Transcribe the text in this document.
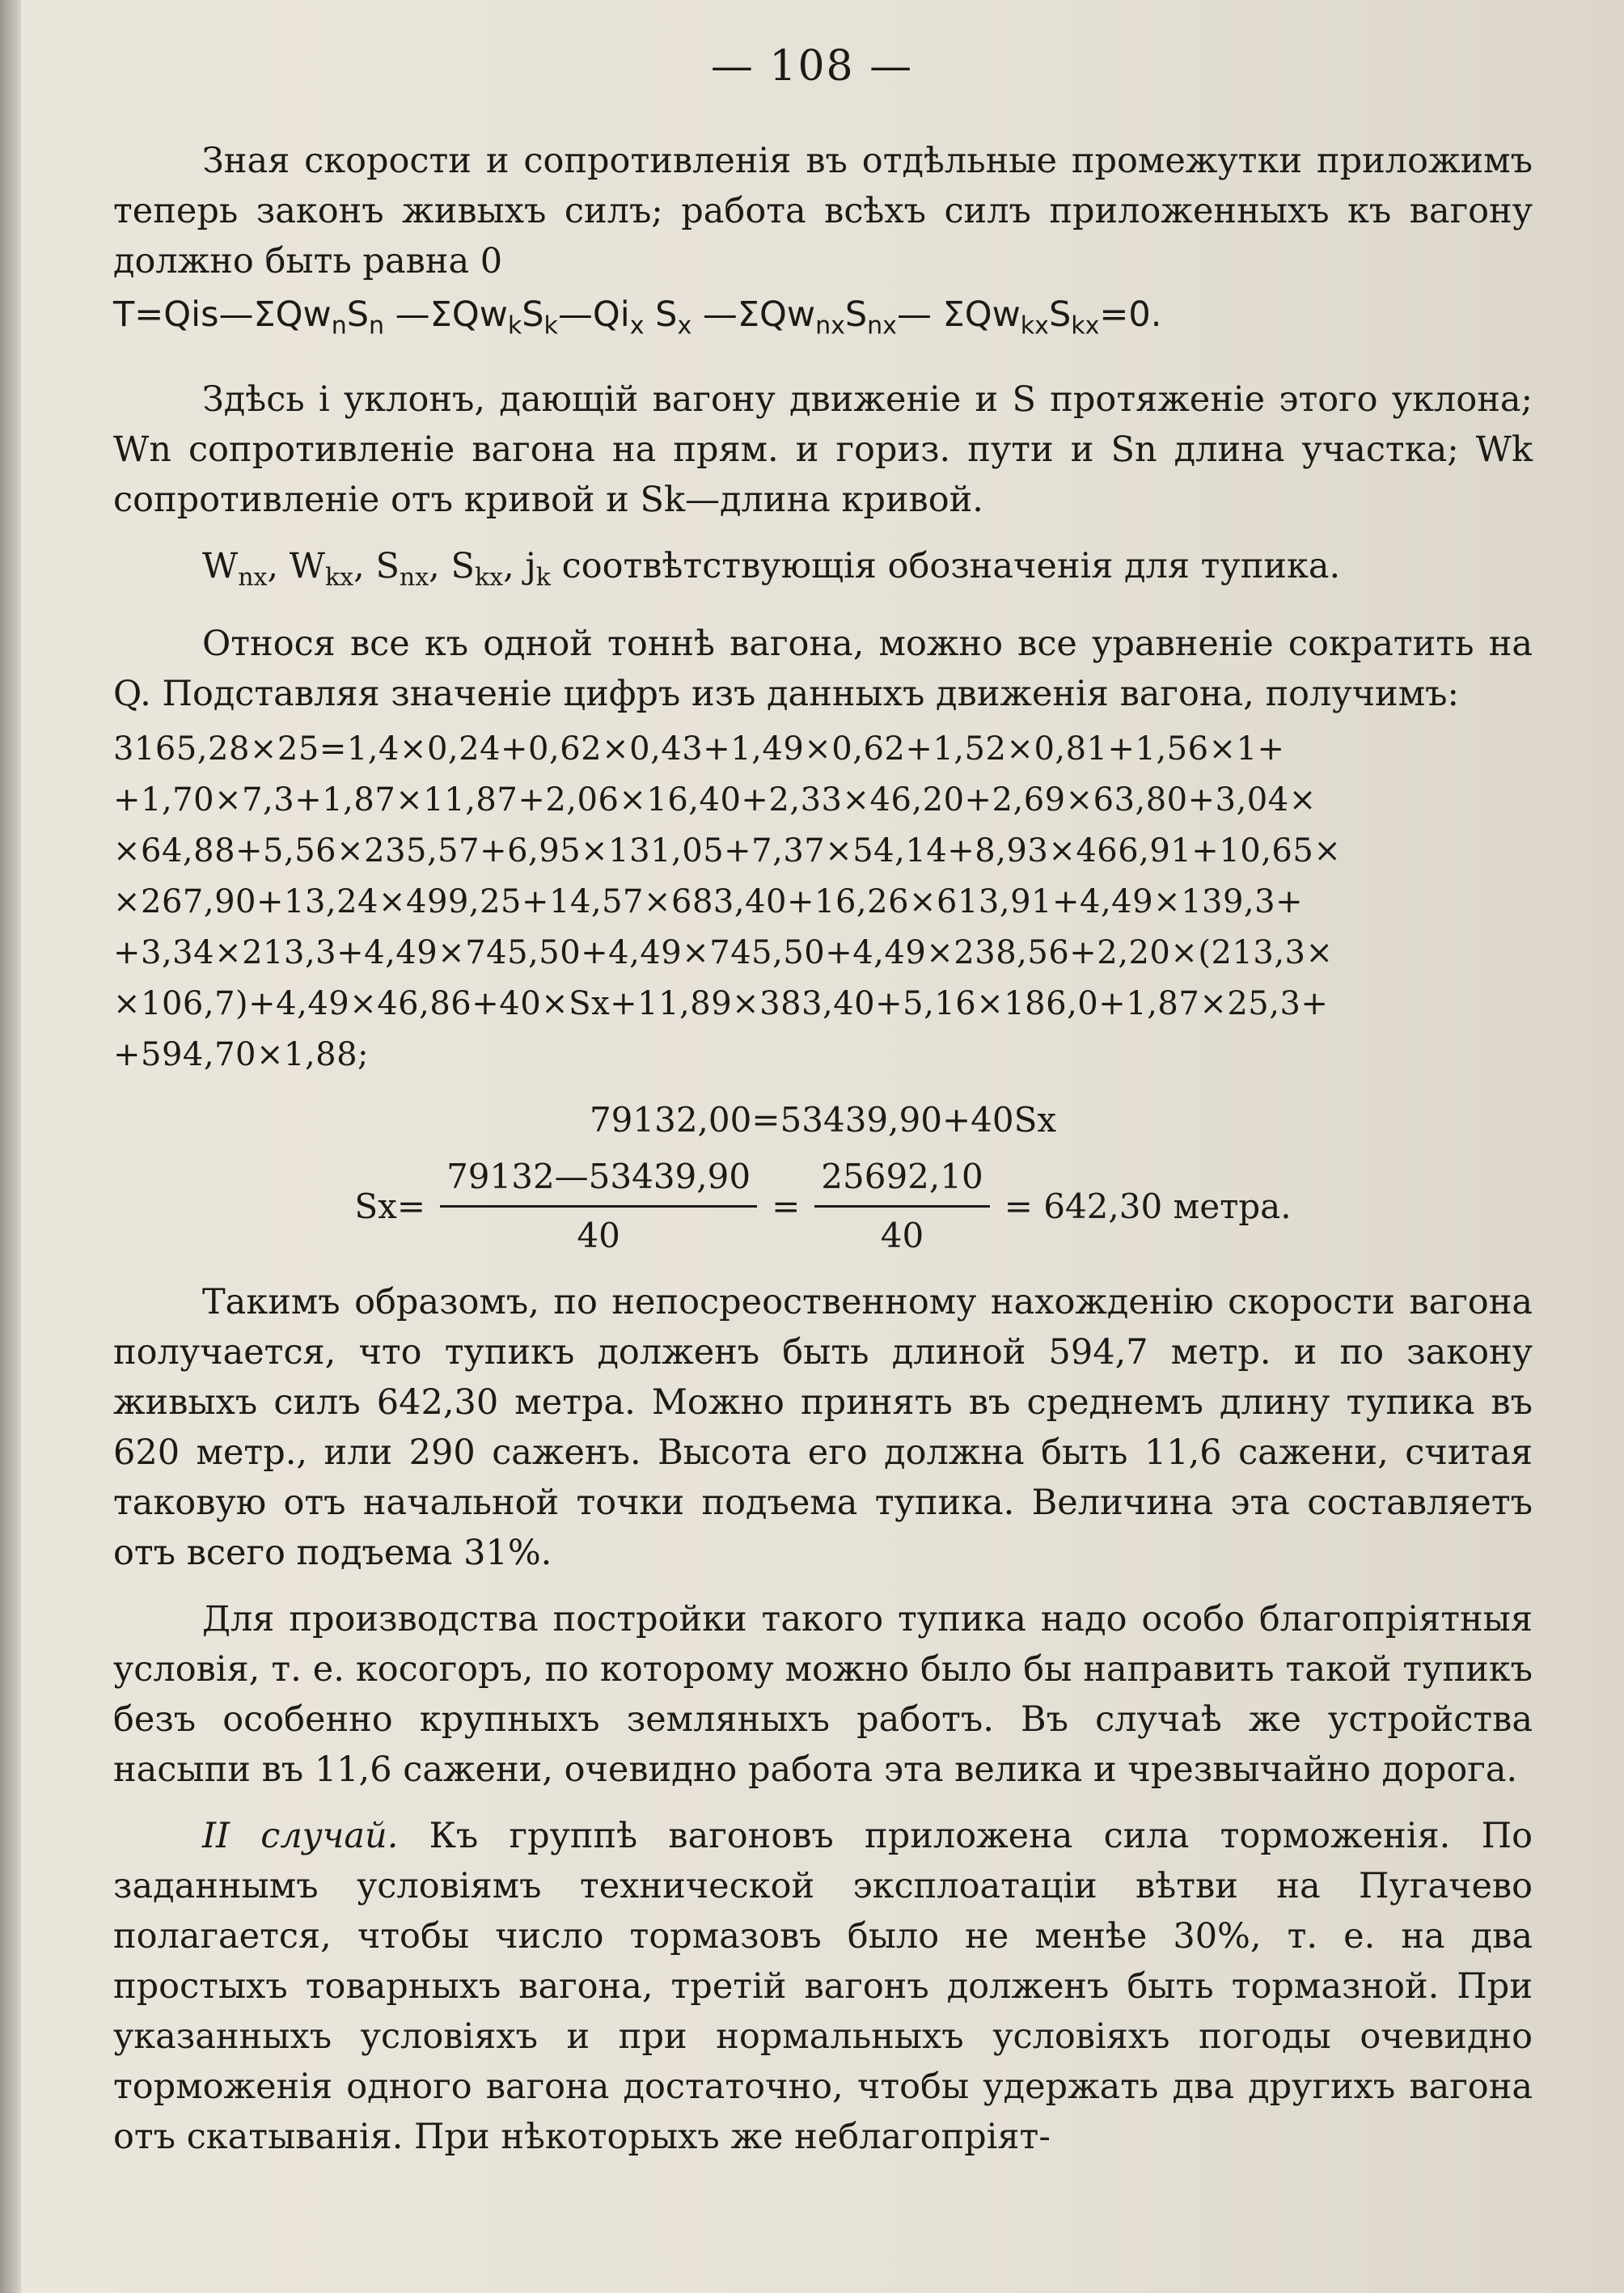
— 108 —

Зная скорости и сопротивленія въ отдѣльные промежутки приложимъ теперь законъ живыхъ силъ; работа всѣхъ силъ приложенныхъ къ вагону должно быть равна 0

$T=Qis—\Sigma Qw_nS_n$ $—\Sigma Qw_kS_k—Qi_x$ $S_x$ $—\Sigma Qw_{nx}S_{nx}—$ $\Sigma Qw_{kx}S_{kx}=0$.

Здѣсь i уклонъ, дающій вагону движеніе и S протяженіе этого уклона; Wn сопротивленіе вагона на прям. и гориз. пути и Sn длина участка; Wk сопротивленіе отъ кривой и Sk—длина кривой.

$W_{nx}$, $W_{kx}$, $S_{nx}$, $S_{kx}$, $j_k$ соотвѣтствующія обозначенія для тупика.

Относя все къ одной тоннѣ вагона, можно все уравненіе сократить на Q. Подставляя значеніе цифръ изъ данныхъ движенія вагона, получимъ:

3165,28×25=1,4×0,24+0,62×0,43+1,49×0,62+1,52×0,81+1,56×1+
+1,70×7,3+1,87×11,87+2,06×16,40+2,33×46,20+2,69×63,80+3,04×
×64,88+5,56×235,57+6,95×131,05+7,37×54,14+8,93×466,91+10,65×
×267,90+13,24×499,25+14,57×683,40+16,26×613,91+4,49×139,3+
+3,34×213,3+4,49×745,50+4,49×745,50+4,49×238,56+2,20×(213,3×
×106,7)+4,49×46,86+40×Sx+11,89×383,40+5,16×186,0+1,87×25,3+
+594,70×1,88;
79132,00=53439,90+40Sx
$Sx= \frac{79132—53439,90}{40} = \frac{25692,10}{40} = 642,30$ метра.

Такимъ образомъ, по непосреоственному нахожденію скорости вагона получается, что тупикъ долженъ быть длиной 594,7 метр. и по закону живыхъ силъ 642,30 метра. Можно принять въ среднемъ длину тупика въ 620 метр., или 290 саженъ. Высота его должна быть 11,6 сажени, считая таковую отъ начальной точки подъема тупика. Величина эта составляетъ отъ всего подъема 31%.

Для производства постройки такого тупика надо особо благопріятныя условія, т. е. косогоръ, по которому можно было бы направить такой тупикъ безъ особенно крупныхъ земляныхъ работъ. Въ случаѣ же устройства насыпи въ 11,6 сажени, очевидно работа эта велика и чрезвычайно дорога.

II случай. Къ группѣ вагоновъ приложена сила торможенія. По заданнымъ условіямъ технической эксплоатаціи вѣтви на Пугачево полагается, чтобы число тормазовъ было не менѣе 30%, т. е. на два простыхъ товарныхъ вагона, третій вагонъ долженъ быть тормазной. При указанныхъ условіяхъ и при нормальныхъ условіяхъ погоды очевидно торможенія одного вагона достаточно, чтобы удержать два другихъ вагона отъ скатыванія. При нѣкоторыхъ же неблагопріят-
